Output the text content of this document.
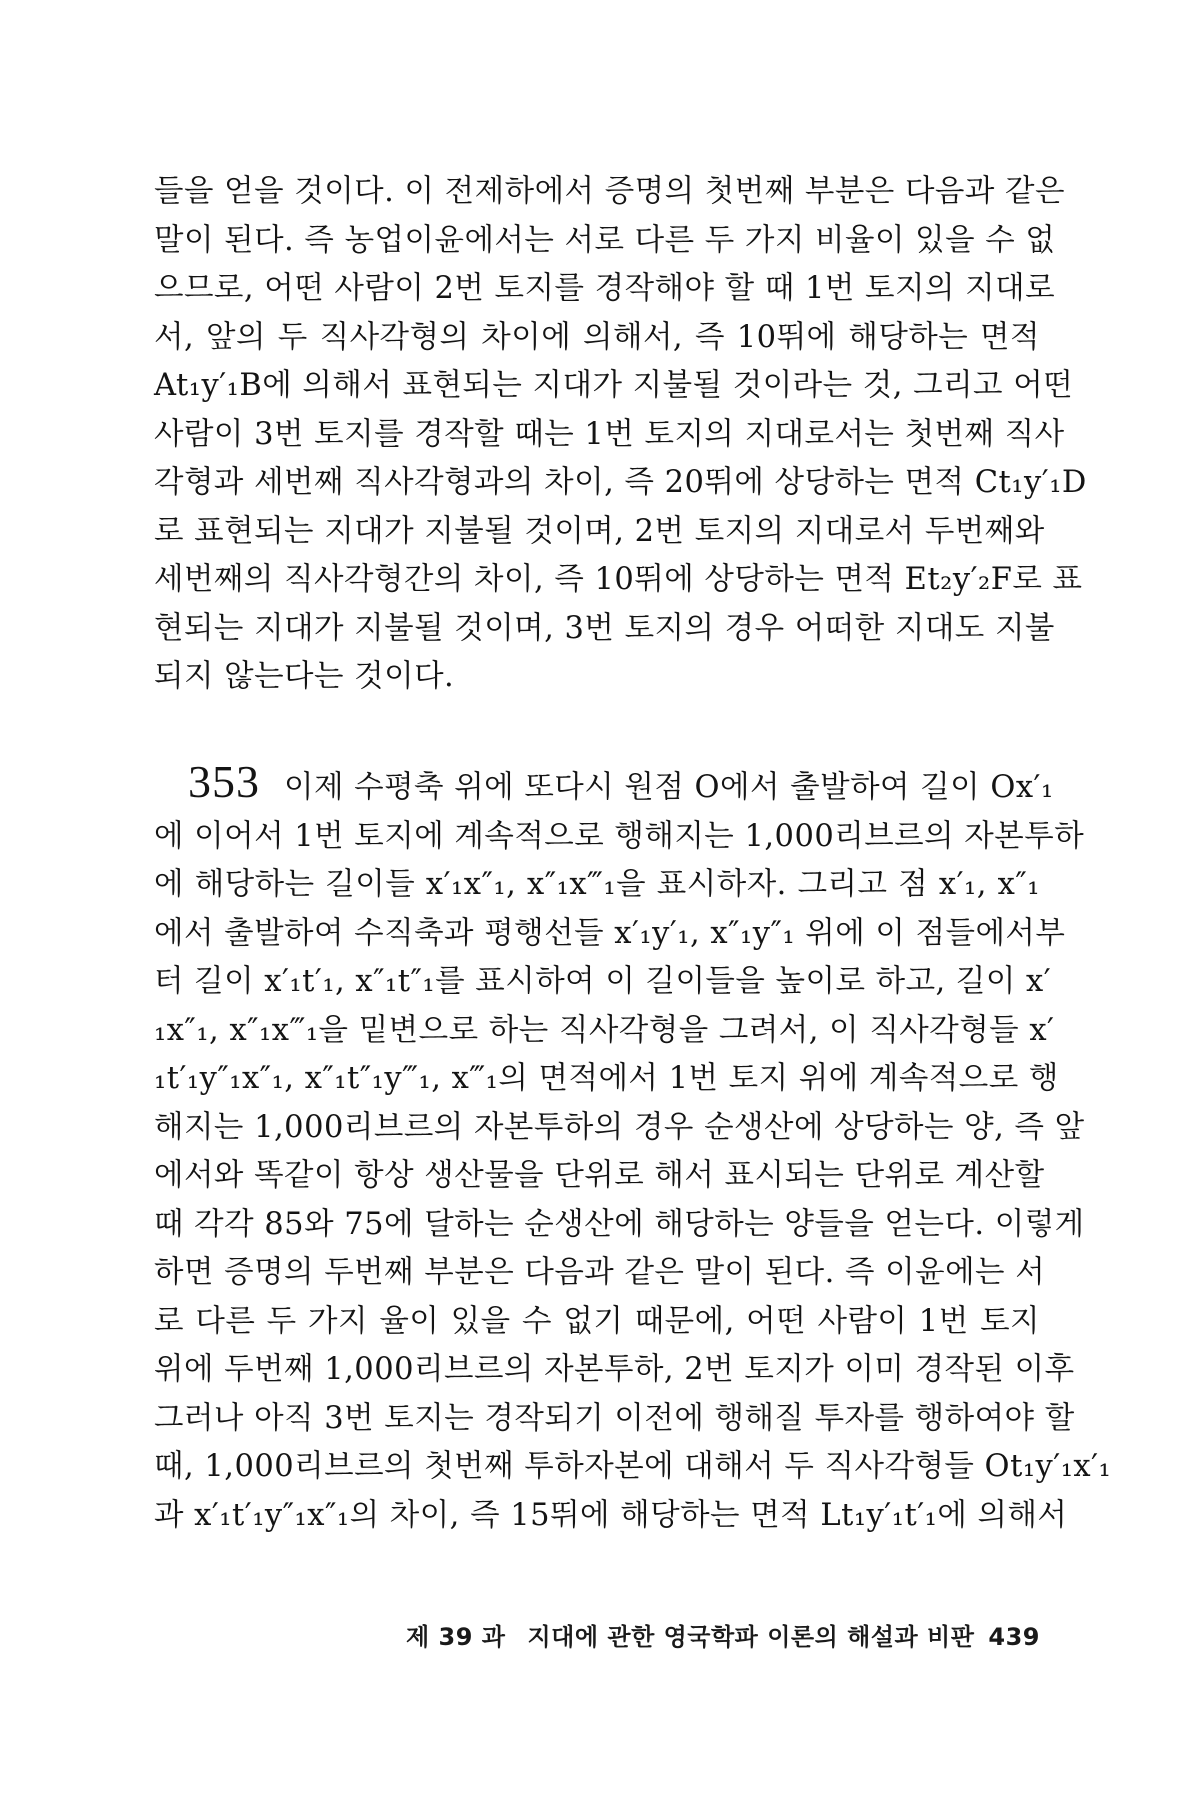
들을 얻을 것이다. 이 전제하에서 증명의 첫번째 부분은 다음과 같은
말이 된다. 즉 농업이윤에서는 서로 다른 두 가지 비율이 있을 수 없
으므로, 어떤 사람이 2번 토지를 경작해야 할 때 1번 토지의 지대로
서, 앞의 두 직사각형의 차이에 의해서, 즉 10뛰에 해당하는 면적
At₁y′₁B에 의해서 표현되는 지대가 지불될 것이라는 것, 그리고 어떤
사람이 3번 토지를 경작할 때는 1번 토지의 지대로서는 첫번째 직사
각형과 세번째 직사각형과의 차이, 즉 20뛰에 상당하는 면적 Ct₁y′₁D
로 표현되는 지대가 지불될 것이며, 2번 토지의 지대로서 두번째와
세번째의 직사각형간의 차이, 즉 10뛰에 상당하는 면적 Et₂y′₂F로 표
현되는 지대가 지불될 것이며, 3번 토지의 경우 어떠한 지대도 지불
되지 않는다는 것이다.
353 이제 수평축 위에 또다시 원점 O에서 출발하여 길이 Ox′₁
에 이어서 1번 토지에 계속적으로 행해지는 1,000리브르의 자본투하
에 해당하는 길이들 x′₁x″₁, x″₁x‴₁을 표시하자. 그리고 점 x′₁, x″₁
에서 출발하여 수직축과 평행선들 x′₁y′₁, x″₁y″₁ 위에 이 점들에서부
터 길이 x′₁t′₁, x″₁t″₁를 표시하여 이 길이들을 높이로 하고, 길이 x′
₁x″₁, x″₁x‴₁을 밑변으로 하는 직사각형을 그려서, 이 직사각형들 x′
₁t′₁y″₁x″₁, x″₁t″₁y‴₁, x‴₁의 면적에서 1번 토지 위에 계속적으로 행
해지는 1,000리브르의 자본투하의 경우 순생산에 상당하는 양, 즉 앞
에서와 똑같이 항상 생산물을 단위로 해서 표시되는 단위로 계산할
때 각각 85와 75에 달하는 순생산에 해당하는 양들을 얻는다. 이렇게
하면 증명의 두번째 부분은 다음과 같은 말이 된다. 즉 이윤에는 서
로 다른 두 가지 율이 있을 수 없기 때문에, 어떤 사람이 1번 토지
위에 두번째 1,000리브르의 자본투하, 2번 토지가 이미 경작된 이후
그러나 아직 3번 토지는 경작되기 이전에 행해질 투자를 행하여야 할
때, 1,000리브르의 첫번째 투하자본에 대해서 두 직사각형들 Ot₁y′₁x′₁
과 x′₁t′₁y″₁x″₁의 차이, 즉 15뛰에 해당하는 면적 Lt₁y′₁t′₁에 의해서
제 39 과 지대에 관한 영국학파 이론의 해설과 비판 439
